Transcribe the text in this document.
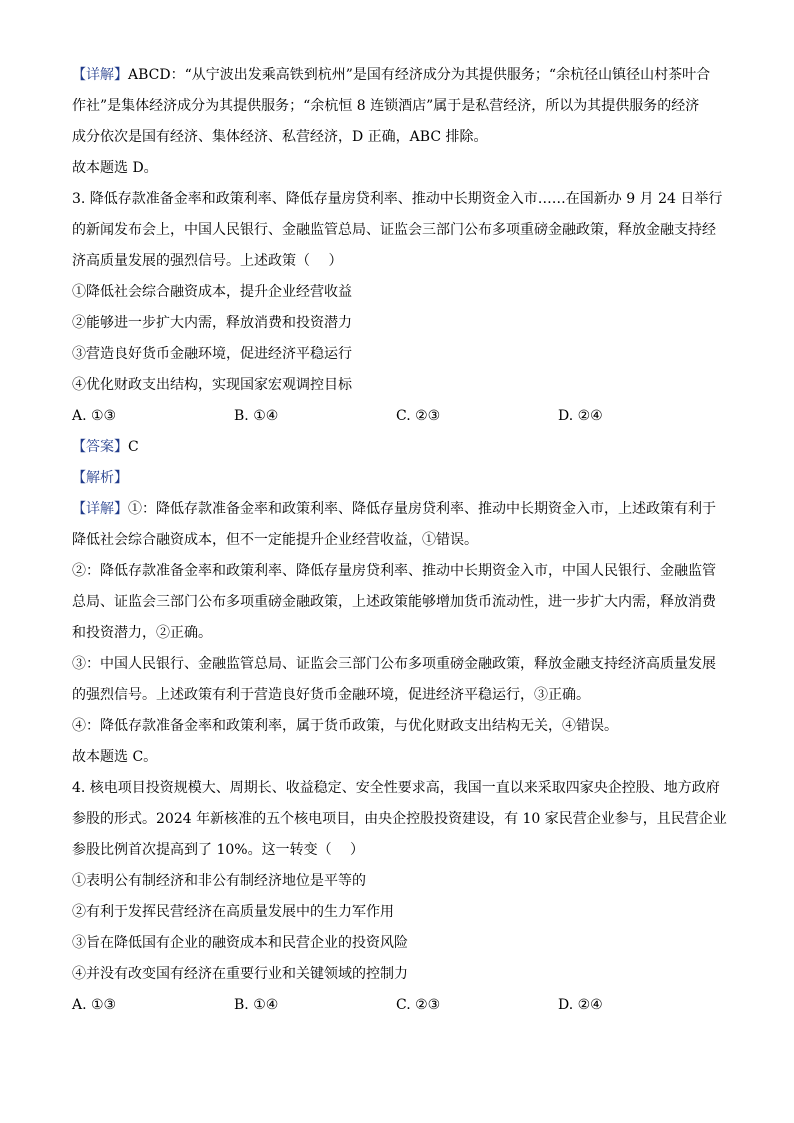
【详解】ABCD：“从宁波出发乘高铁到杭州”是国有经济成分为其提供服务；“余杭径山镇径山村茶叶合
作社”是集体经济成分为其提供服务；“余杭恒 8 连锁酒店”属于是私营经济，所以为其提供服务的经济
成分依次是国有经济、集体经济、私营经济，D 正确，ABC 排除。
故本题选 D。
3. 降低存款准备金率和政策利率、降低存量房贷利率、推动中长期资金入市……在国新办 9 月 24 日举行
的新闻发布会上，中国人民银行、金融监管总局、证监会三部门公布多项重磅金融政策，释放金融支持经
济高质量发展的强烈信号。上述政策（　 ）
①降低社会综合融资成本，提升企业经营收益
②能够进一步扩大内需，释放消费和投资潜力
③营造良好货币金融环境，促进经济平稳运行
④优化财政支出结构，实现国家宏观调控目标
A. ①③	B. ①④	C. ②③	D. ②④
【答案】C
【解析】
【详解】①：降低存款准备金率和政策利率、降低存量房贷利率、推动中长期资金入市，上述政策有利于
降低社会综合融资成本，但不一定能提升企业经营收益，①错误。
②：降低存款准备金率和政策利率、降低存量房贷利率、推动中长期资金入市，中国人民银行、金融监管
总局、证监会三部门公布多项重磅金融政策，上述政策能够增加货币流动性，进一步扩大内需，释放消费
和投资潜力，②正确。
③：中国人民银行、金融监管总局、证监会三部门公布多项重磅金融政策，释放金融支持经济高质量发展
的强烈信号。上述政策有利于营造良好货币金融环境，促进经济平稳运行，③正确。
④：降低存款准备金率和政策利率，属于货币政策，与优化财政支出结构无关，④错误。
故本题选 C。
4. 核电项目投资规模大、周期长、收益稳定、安全性要求高，我国一直以来采取四家央企控股、地方政府
参股的形式。2024 年新核准的五个核电项目，由央企控股投资建设，有 10 家民营企业参与，且民营企业
参股比例首次提高到了 10%。这一转变（　 ）
①表明公有制经济和非公有制经济地位是平等的
②有利于发挥民营经济在高质量发展中的生力军作用
③旨在降低国有企业的融资成本和民营企业的投资风险
④并没有改变国有经济在重要行业和关键领域的控制力
A. ①③	B. ①④	C. ②③	D. ②④
